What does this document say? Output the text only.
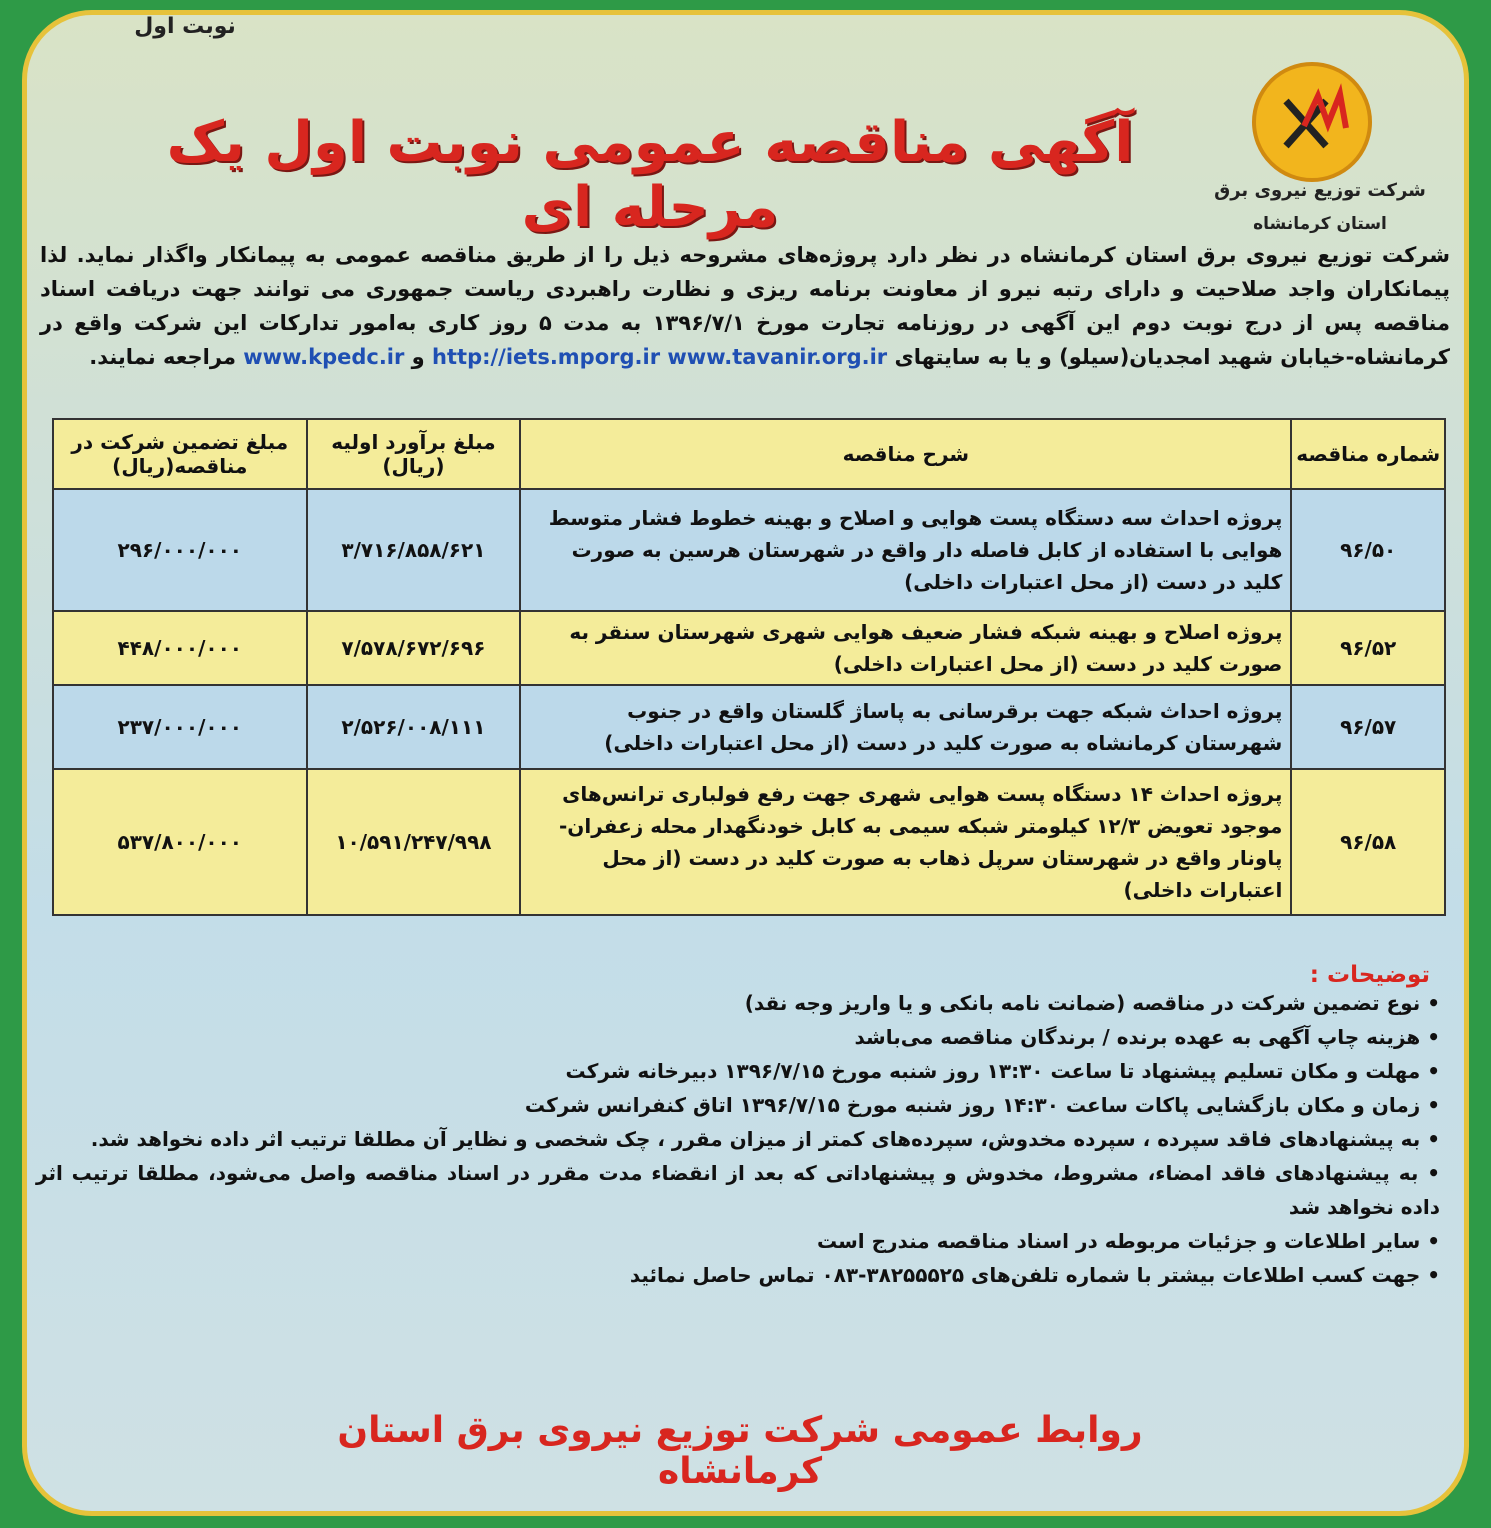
نوبت اول
شرکت توزیع نیروی برق
استان کرمانشاه
آگهی مناقصه عمومی نوبت اول یک مرحله ای
شرکت توزیع نیروی برق استان کرمانشاه در نظر دارد پروژه‌های مشروحه ذیل را از طریق مناقصه عمومی به پیمانکار واگذار نماید. لذا پیمانکاران واجد صلاحیت و دارای رتبه نیرو از معاونت برنامه ریزی و نظارت راهبردی ریاست جمهوری می توانند جهت دریافت اسناد مناقصه پس از درج نوبت دوم این آگهی در روزنامه تجارت مورخ ۱۳۹۶/۷/۱ به مدت ۵ روز کاری به‌امور تدارکات این شرکت واقع در کرمانشاه-خیابان شهید امجدیان(سیلو) و یا به سایتهای http://iets.mporg.ir www.tavanir.org.ir و www.kpedc.ir مراجعه نمایند.
شماره مناقصه	شرح مناقصه	مبلغ برآورد اولیه (ریال)	مبلغ تضمین شرکت در مناقصه(ریال)
۹۶/۵۰	پروژه احداث سه دستگاه پست هوایی و اصلاح و بهینه خطوط فشار متوسط هوایی با استفاده از کابل فاصله دار واقع در شهرستان هرسین به صورت کلید در دست (از محل اعتبارات داخلی)	۳/۷۱۶/۸۵۸/۶۲۱	۲۹۶/۰۰۰/۰۰۰
۹۶/۵۲	پروژه اصلاح و بهینه شبکه فشار ضعیف هوایی شهری شهرستان سنقر به صورت کلید در دست (از محل اعتبارات داخلی)	۷/۵۷۸/۶۷۲/۶۹۶	۴۴۸/۰۰۰/۰۰۰
۹۶/۵۷	پروژه احداث شبکه جهت برقرسانی به پاساژ گلستان واقع در جنوب شهرستان کرمانشاه به صورت کلید در دست (از محل اعتبارات داخلی)	۲/۵۲۶/۰۰۸/۱۱۱	۲۳۷/۰۰۰/۰۰۰
۹۶/۵۸	پروژه احداث ۱۴ دستگاه پست هوایی شهری جهت رفع فولباری ترانس‌های موجود تعویض ۱۲/۳ کیلومتر شبکه سیمی به کابل خودنگهدار محله زعفران-پاونار واقع در شهرستان سرپل ذهاب به صورت کلید در دست (از محل اعتبارات داخلی)	۱۰/۵۹۱/۲۴۷/۹۹۸	۵۳۷/۸۰۰/۰۰۰
توضیحات :
• نوع تضمین شرکت در مناقصه (ضمانت نامه بانکی و یا واریز وجه نقد)
• هزینه چاپ آگهی به عهده برنده / برندگان مناقصه می‌باشد
• مهلت و مکان تسلیم پیشنهاد تا ساعت ۱۳:۳۰ روز شنبه مورخ ۱۳۹۶/۷/۱۵ دبیرخانه شرکت
• زمان و مکان بازگشایی پاکات ساعت ۱۴:۳۰ روز شنبه مورخ ۱۳۹۶/۷/۱۵ اتاق کنفرانس شرکت
• به پیشنهادهای فاقد سپرده ، سپرده مخدوش، سپرده‌های کمتر از میزان مقرر ، چک شخصی و نظایر آن مطلقا ترتیب اثر داده نخواهد شد.
• به پیشنهادهای فاقد امضاء، مشروط، مخدوش و پیشنهاداتی که بعد از انقضاء مدت مقرر در اسناد مناقصه واصل می‌شود، مطلقا ترتیب اثر داده نخواهد شد
• سایر اطلاعات و جزئیات مربوطه در اسناد مناقصه مندرج است
• جهت کسب اطلاعات بیشتر با شماره تلفن‌های ۳۸۲۵۵۵۲۵-۰۸۳ تماس حاصل نمائید
روابط عمومی شرکت توزیع نیروی برق استان کرمانشاه
